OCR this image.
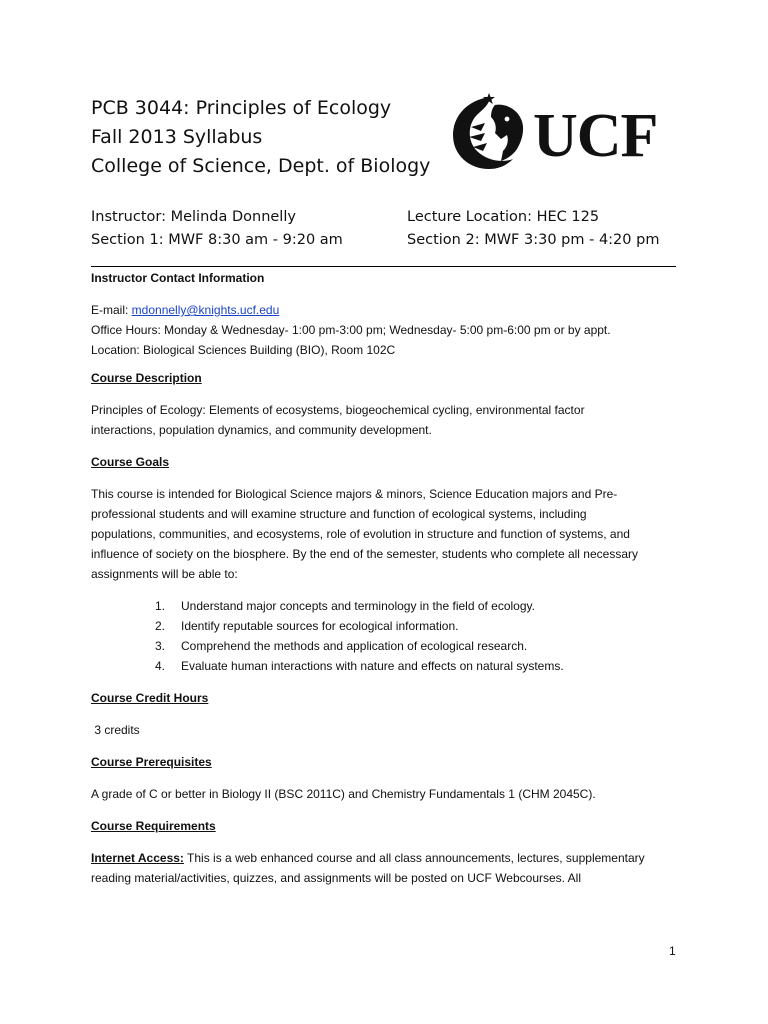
PCB 3044: Principles of Ecology
Fall 2013 Syllabus
College of Science, Dept. of Biology UCF
Instructor: Melinda Donnelly	Lecture Location: HEC 125
Section 1: MWF 8:30 am - 9:20 am	Section 2: MWF 3:30 pm - 4:20 pm

Instructor Contact Information

E-mail: mdonnelly@knights.ucf.edu

Office Hours: Monday & Wednesday- 1:00 pm-3:00 pm; Wednesday- 5:00 pm-6:00 pm or by appt.

Location: Biological Sciences Building (BIO), Room 102C

Course Description

Principles of Ecology: Elements of ecosystems, biogeochemical cycling, environmental factor

interactions, population dynamics, and community development.

Course Goals

This course is intended for Biological Science majors & minors, Science Education majors and Pre-

professional students and will examine structure and function of ecological systems, including

populations, communities, and ecosystems, role of evolution in structure and function of systems, and

influence of society on the biosphere. By the end of the semester, students who complete all necessary

assignments will be able to:

1. Understand major concepts and terminology in the field of ecology.
2. Identify reputable sources for ecological information.
3. Comprehend the methods and application of ecological research.
4. Evaluate human interactions with nature and effects on natural systems.

Course Credit Hours

3 credits

Course Prerequisites

A grade of C or better in Biology II (BSC 2011C) and Chemistry Fundamentals 1 (CHM 2045C).

Course Requirements

Internet Access: This is a web enhanced course and all class announcements, lectures, supplementary

reading material/activities, quizzes, and assignments will be posted on UCF Webcourses. All

1
